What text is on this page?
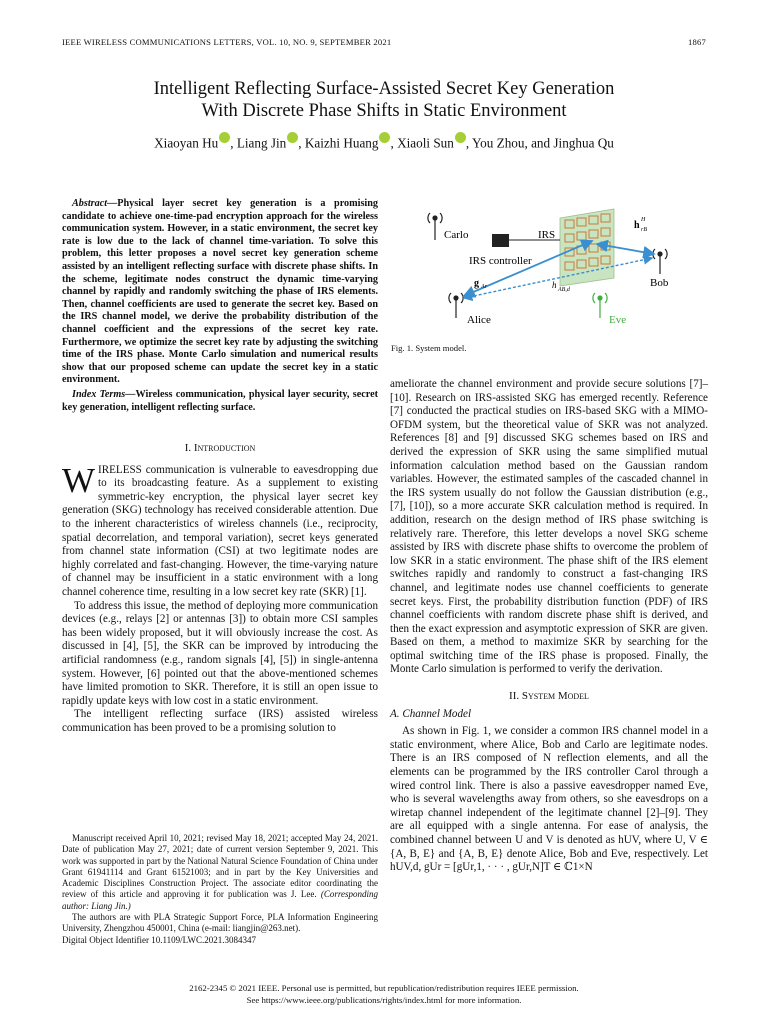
IEEE WIRELESS COMMUNICATIONS LETTERS, VOL. 10, NO. 9, SEPTEMBER 2021	1867
Intelligent Reflecting Surface-Assisted Secret Key Generation
With Discrete Phase Shifts in Static Environment
Xiaoyan Hu , Liang Jin , Kaizhi Huang , Xiaoli Sun , You Zhou, and Jinghua Qu

Abstract—Physical layer secret key generation is a promising candidate to achieve one-time-pad encryption approach for the wireless communication system. However, in a static environment, the secret key rate is low due to the lack of channel time-variation. To solve this problem, this letter proposes a novel secret key generation scheme assisted by an intelligent reflecting surface with discrete phase shifts. In the scheme, legitimate nodes construct the dynamic time-varying channel by rapidly and randomly switching the phase of IRS elements. Then, channel coefficients are used to generate the secret key. Based on the IRS channel model, we derive the probability distribution of the channel coefficient and the expressions of the secret key rate. Furthermore, we optimize the secret key rate by adjusting the switching time of the IRS phase. Monte Carlo simulation and numerical results show that our proposed scheme can update the secret key in a static environment.

Index Terms—Wireless communication, physical layer security, secret key generation, intelligent reflecting surface.

I. Introduction

WIRELESS communication is vulnerable to eavesdropping due to its broadcasting feature. As a supplement to existing symmetric-key encryption, the physical layer secret key generation (SKG) technology has received considerable attention. Due to the inherent characteristics of wireless channels (i.e., reciprocity, spatial decorrelation, and temporal variation), secret keys generated from channel state information (CSI) at two legitimate nodes are highly correlated and fast-changing. However, the time-varying nature of channel may be insufficient in a static environment with a long channel coherence time, resulting in a low secret key rate (SKR) [1].

To address this issue, the method of deploying more communication devices (e.g., relays [2] or antennas [3]) to obtain more CSI samples has been widely proposed, but it will obviously increase the cost. As discussed in [4], [5], the SKR can be improved by introducing the artificial randomness (e.g., random signals [4], [5]) in single-antenna system. However, [6] pointed out that the above-mentioned schemes have limited promotion to SKR. Therefore, it is still an open issue to rapidly update keys with low cost in a static environment.

The intelligent reflecting surface (IRS) assisted wireless communication has been proved to be a promising solution to

Carlo	IRS
IRS controller
Bob
Alice	Eve
g Ar	h AB,d
h rB
H
Fig. 1. System model.

ameliorate the channel environment and provide secure solutions [7]–[10]. Research on IRS-assisted SKG has emerged recently. Reference [7] conducted the practical studies on IRS-based SKG with a MIMO-OFDM system, but the theoretical value of SKR was not analyzed. References [8] and [9] discussed SKG schemes based on IRS and derived the expression of SKR using the same simplified mutual information calculation method based on the Gaussian random variables. However, the estimated samples of the cascaded channel in the IRS system usually do not follow the Gaussian distribution (e.g., [7], [10]), so a more accurate SKR calculation method is required. In addition, research on the design method of IRS phase switching is relatively rare. Therefore, this letter develops a novel SKG scheme assisted by IRS with discrete phase shifts to overcome the problem of low SKR in a static environment. The phase shift of the IRS element switches rapidly and randomly to construct a fast-changing IRS channel, and legitimate nodes use channel coefficients to generate secret keys. First, the probability distribution function (PDF) of IRS channel coefficients with random discrete phase shift is derived, and then the exact expression and asymptotic expression of SKR are given. Based on them, a method to maximize SKR by searching for the optimal switching time of the IRS phase is proposed. Finally, the Monte Carlo simulation is performed to verify the derivation.

II. System Model
A. Channel Model

As shown in Fig. 1, we consider a common IRS channel model in a static environment, where Alice, Bob and Carlo are legitimate nodes. There is an IRS composed of N reflection elements, and all the elements can be programmed by the IRS controller Carol through a wired control link. There is also a passive eavesdropper named Eve, who is several wavelengths away from others, so she eavesdrops on a wiretap channel independent of the legitimate channel [2]–[9]. They are all equipped with a single antenna. For ease of analysis, the combined channel between U and V is denoted as hUV, where U, V ∈ {A, B, E} and {A, B, E} denote Alice, Bob and Eve, respectively. Let hUV,d, gUr = [gUr,1, · · · , gUr,N]T ∈ ℂ1×N

Manuscript received April 10, 2021; revised May 18, 2021; accepted May 24, 2021. Date of publication May 27, 2021; date of current version September 9, 2021. This work was supported in part by the National Natural Science Foundation of China under Grant 61941114 and Grant 61521003; and in part by the Key Universities and Academic Disciplines Construction Project. The associate editor coordinating the review of this article and approving it for publication was J. Lee. (Corresponding author: Liang Jin.)

The authors are with PLA Strategic Support Force, PLA Information Engineering University, Zhengzhou 450001, China (e-mail: liangjin@263.net).

Digital Object Identifier 10.1109/LWC.2021.3084347

2162-2345 © 2021 IEEE. Personal use is permitted, but republication/redistribution requires IEEE permission.
See https://www.ieee.org/publications/rights/index.html for more information.
